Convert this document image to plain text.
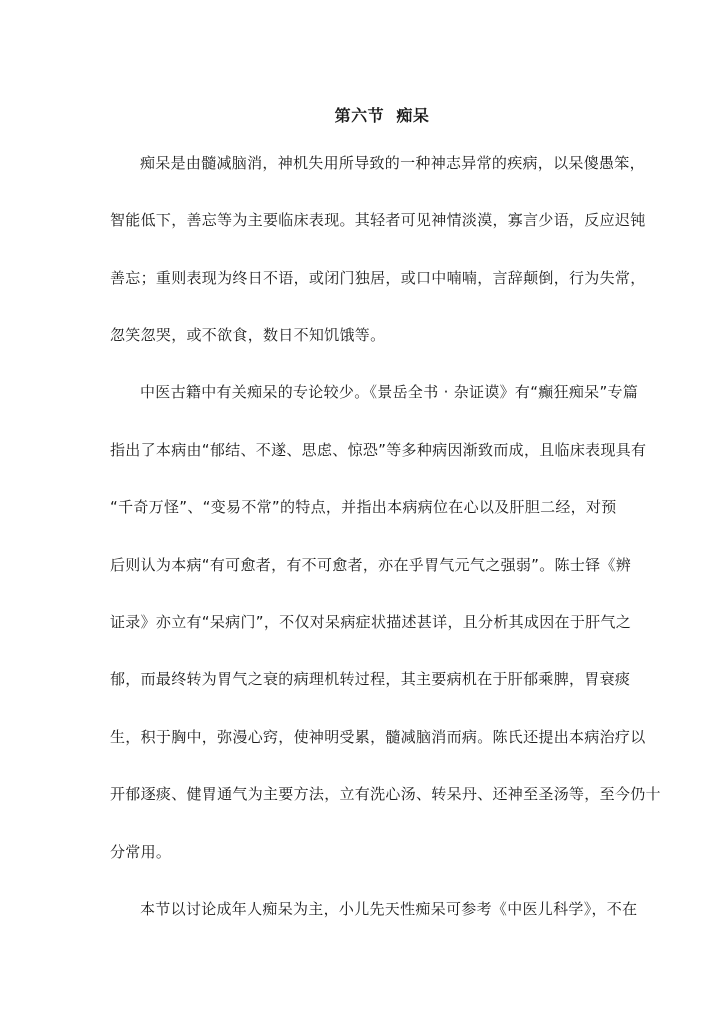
第六节  痴呆
痴呆是由髓减脑消，神机失用所导致的一种神志异常的疾病，以呆傻愚笨，
智能低下，善忘等为主要临床表现。其轻者可见神情淡漠，寡言少语，反应迟钝
善忘；重则表现为终日不语，或闭门独居，或口中喃喃，言辞颠倒，行为失常，
忽笑忽哭，或不欲食，数日不知饥饿等。
中医古籍中有关痴呆的专论较少。《景岳全书 · 杂证谟》有“癫狂痴呆”专篇
指出了本病由“郁结、不遂、思虑、惊恐”等多种病因渐致而成，且临床表现具有
“千奇万怪”、“变易不常”的特点，并指出本病病位在心以及肝胆二经，对预
后则认为本病“有可愈者，有不可愈者，亦在乎胃气元气之强弱”。陈士铎《辨
证录》亦立有“呆病门”，不仅对呆病症状描述甚详，且分析其成因在于肝气之
郁，而最终转为胃气之衰的病理机转过程，其主要病机在于肝郁乘脾，胃衰痰
生，积于胸中，弥漫心窍，使神明受累，髓减脑消而病。陈氏还提出本病治疗以
开郁逐痰、健胃通气为主要方法，立有洗心汤、转呆丹、还神至圣汤等，至今仍十
分常用。
本节以讨论成年人痴呆为主，小儿先天性痴呆可参考《中医儿科学》，不在
